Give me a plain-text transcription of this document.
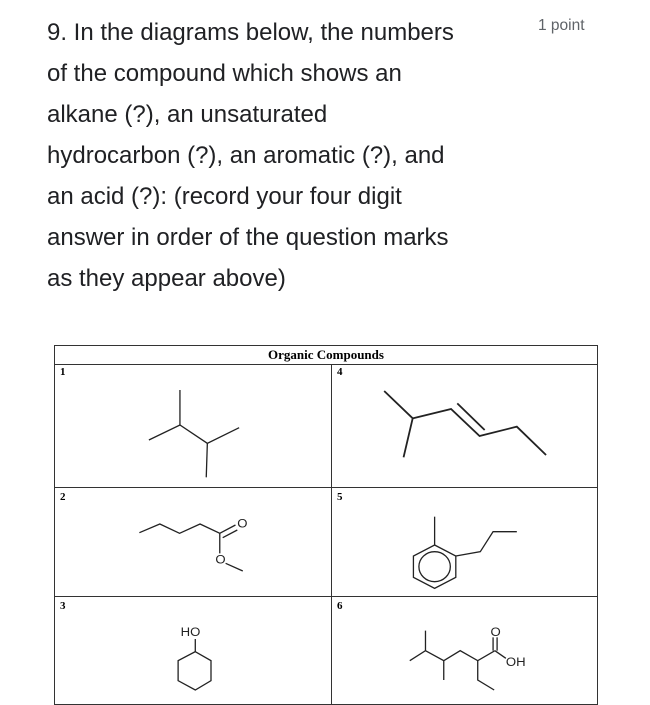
9. In the diagrams below, the numbers
of the compound which shows an
alkane (?), an unsaturated
hydrocarbon (?), an aromatic (?), and
an acid (?): (record your four digit
answer in order of the question marks
as they appear above)
1 point
Organic Compounds
1
2
3
4
5
6
O
O
HO	O
OH
